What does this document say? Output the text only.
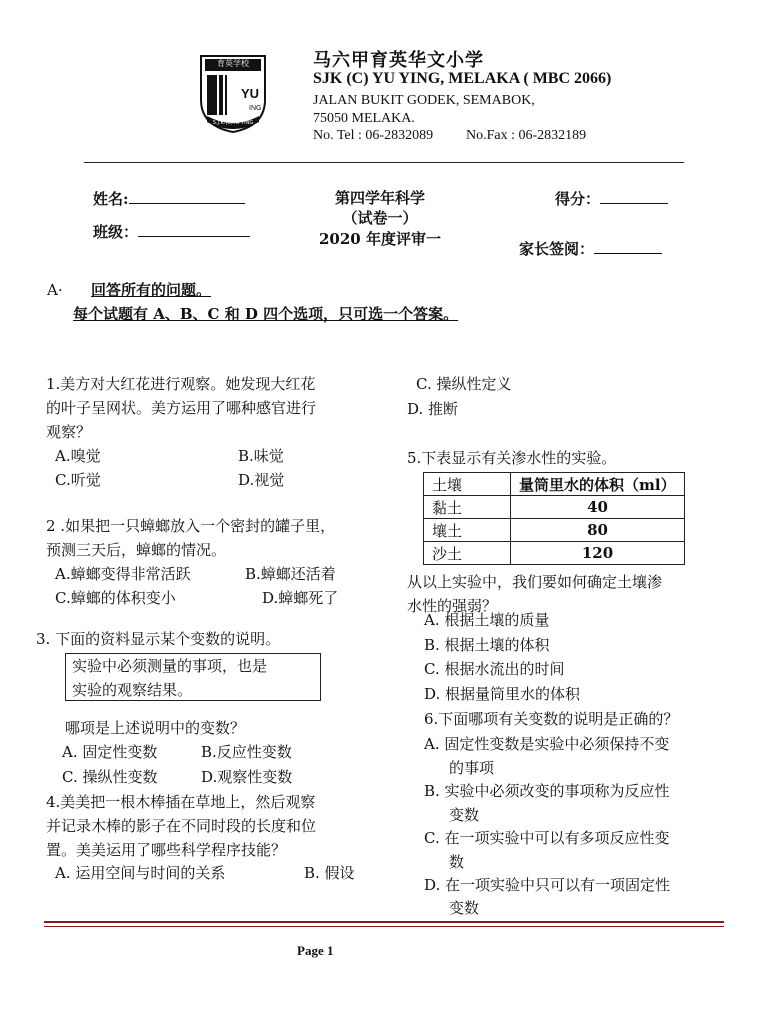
YU
ING
育英学校
S.J.K.(C)YU YING
马六甲育英华文小学
SJK (C) YU YING, MELAKA ( MBC 2066)
JALAN BUKIT GODEK, SEMABOK,
75050 MELAKA.
No. Tel : 06-2832089 No.Fax : 06-2832189
姓名:
班级：
第四学年科学
（试卷一）
2020 年度评审一
得分：
家长签阅：
A· 回答所有的问题。
每个试题有 A、B、C 和 D 四个选项，只可选一个答案。
1.美方对大红花进行观察。她发现大红花
的叶子呈网状。美方运用了哪种感官进行
观察？
A.嗅觉	B.味觉
C.听觉	D.视觉
2 .如果把一只蟑螂放入一个密封的罐子里，
预测三天后，蟑螂的情况。
A.蟑螂变得非常活跃	B.蟑螂还活着
C.蟑螂的体积变小	D.蟑螂死了
3. 下面的资料显示某个变数的说明。
实验中必须测量的事项，也是
实验的观察结果。
哪项是上述说明中的变数？
A. 固定性变数	B.反应性变数
C. 操纵性变数	D.观察性变数
4.美美把一根木棒插在草地上，然后观察
并记录木棒的影子在不同时段的长度和位
置。美美运用了哪些科学程序技能？
A. 运用空间与时间的关系	B. 假设
C. 操纵性定义
D. 推断
5.下表显示有关渗水性的实验。
土壤	量筒里水的体积（ml）
黏土	40
壤土	80
沙土	120
从以上实验中，我们要如何确定土壤渗
水性的强弱？
A. 根据土壤的质量
B. 根据土壤的体积
C. 根据水流出的时间
D. 根据量筒里水的体积
6.下面哪项有关变数的说明是正确的？
A. 固定性变数是实验中必须保持不变
的事项
B. 实验中必须改变的事项称为反应性
变数
C. 在一项实验中可以有多项反应性变
数
D. 在一项实验中只可以有一项固定性
变数
Page 1
